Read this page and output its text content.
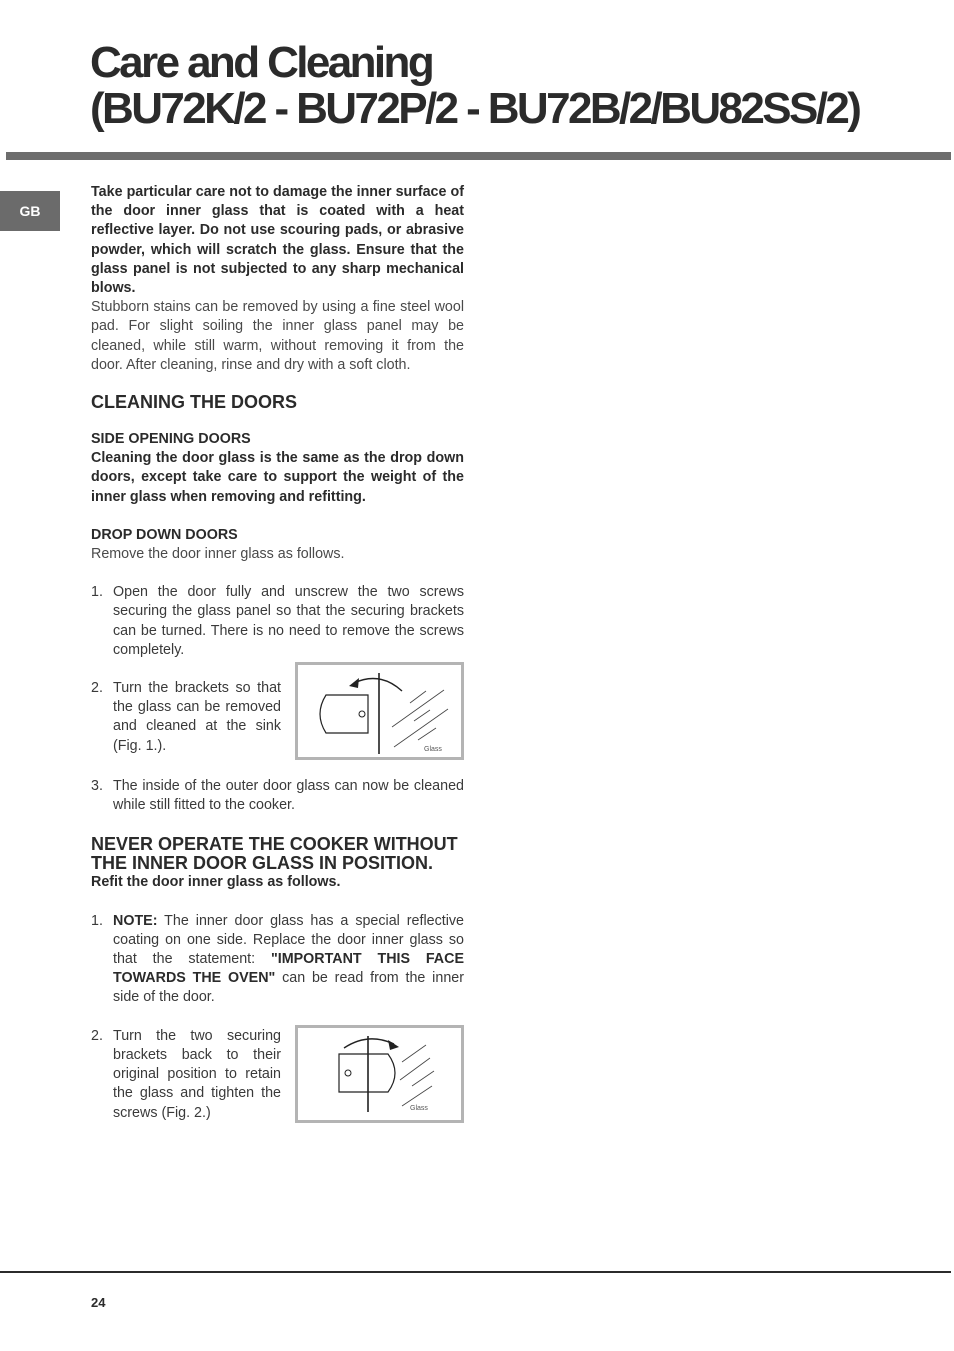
Care and Cleaning
(BU72K/2 - BU72P/2 - BU72B/2/BU82SS/2)
GB

Take particular care not to damage the inner surface of the door inner glass that is coated with a heat reflective layer. Do not use scouring pads, or abrasive powder, which will scratch the glass. Ensure that the glass panel is not subjected to any sharp mechanical blows.

Stubborn stains can be removed by using a fine steel wool pad. For slight soiling the inner glass panel may be cleaned, while still warm, without removing it from the door. After cleaning, rinse and dry with a soft cloth.

CLEANING THE DOORS

SIDE OPENING DOORS

Cleaning the door glass is the same as the drop down doors, except take care to support the weight of the inner glass when removing and refitting.

DROP DOWN DOORS

Remove the door inner glass as follows.

1. Open the door fully and unscrew the two screws securing the glass panel so that the securing brackets can be turned. There is no need to remove the screws completely.
2. Turn the brackets so that the glass can be removed and cleaned at the sink (Fig. 1.).	Glass
3. The inside of the outer door glass can now be cleaned while still fitted to the cooker.
NEVER OPERATE THE COOKER WITHOUT THE INNER DOOR GLASS IN POSITION.

Refit the door inner glass as follows.

1. NOTE: The inner door glass has a special reflective coating on one side. Replace the door inner glass so that the statement: "IMPORTANT THIS FACE TOWARDS THE OVEN" can be read from the inner side of the door.
2. Turn the two securing brackets back to their original position to retain the glass and tighten the screws (Fig. 2.)	Glass
24
